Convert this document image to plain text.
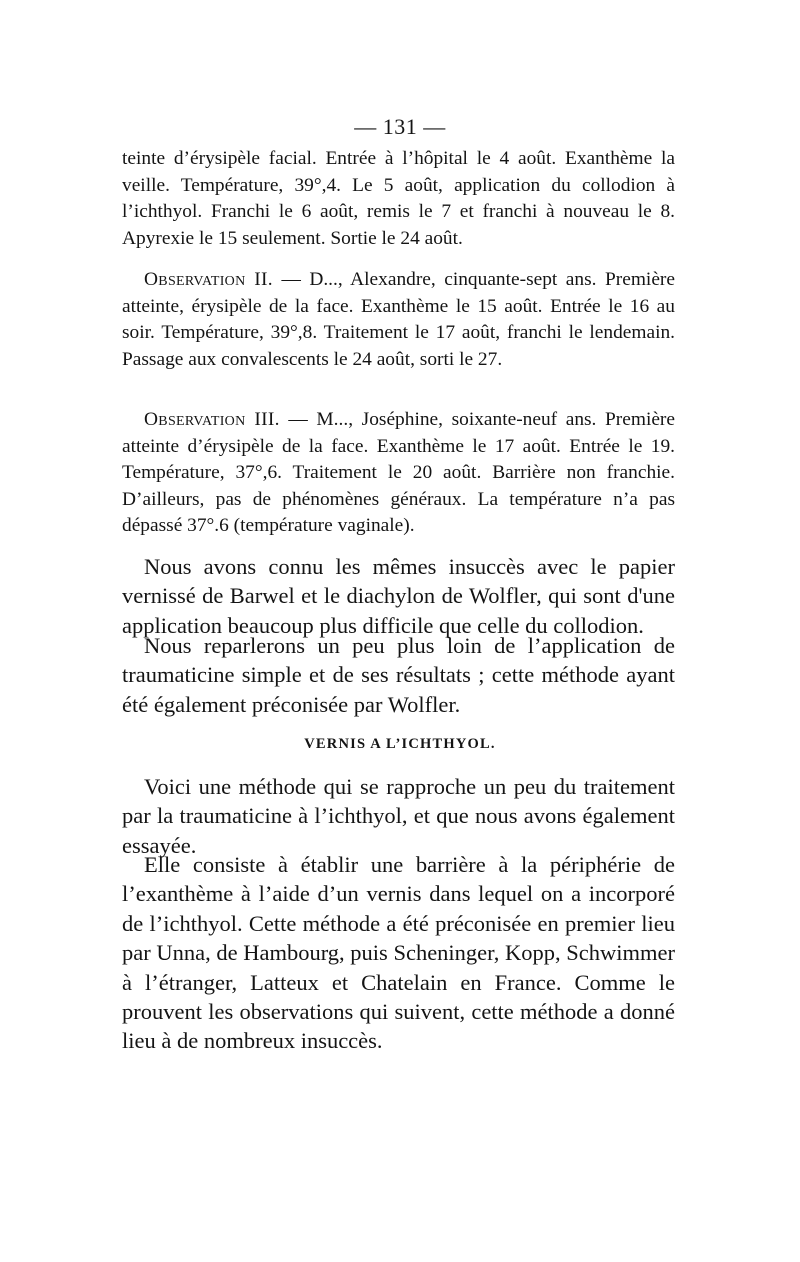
— 131 —

teinte d’érysipèle facial. Entrée à l’hôpital le 4 août. Exanthème la veille. Température, 39°,4. Le 5 août, application du collodion à l’ichthyol. Franchi le 6 août, remis le 7 et franchi à nouveau le 8. Apyrexie le 15 seulement. Sortie le 24 août.

Observation II. — D..., Alexandre, cinquante-sept ans. Première atteinte, érysipèle de la face. Exanthème le 15 août. Entrée le 16 au soir. Température, 39°,8. Traitement le 17 août, franchi le lendemain. Passage aux convalescents le 24 août, sorti le 27.

Observation III. — M..., Joséphine, soixante-neuf ans. Première atteinte d’érysipèle de la face. Exanthème le 17 août. Entrée le 19. Température, 37°,6. Traitement le 20 août. Barrière non franchie. D’ailleurs, pas de phénomènes généraux. La température n’a pas dépassé 37°.6 (température vaginale).

Nous avons connu les mêmes insuccès avec le papier vernissé de Barwel et le diachylon de Wolfler, qui sont d'une application beaucoup plus difficile que celle du collodion.

Nous reparlerons un peu plus loin de l’application de traumaticine simple et de ses résultats ; cette méthode ayant été également préconisée par Wolfler.

VERNIS A L’ICHTHYOL.

Voici une méthode qui se rapproche un peu du traitement par la traumaticine à l’ichthyol, et que nous avons également essayée.

Elle consiste à établir une barrière à la périphérie de l’exanthème à l’aide d’un vernis dans lequel on a incorporé de l’ichthyol. Cette méthode a été préconisée en premier lieu par Unna, de Hambourg, puis Scheninger, Kopp, Schwimmer à l’étranger, Latteux et Chatelain en France. Comme le prouvent les observations qui suivent, cette méthode a donné lieu à de nombreux insuccès.
